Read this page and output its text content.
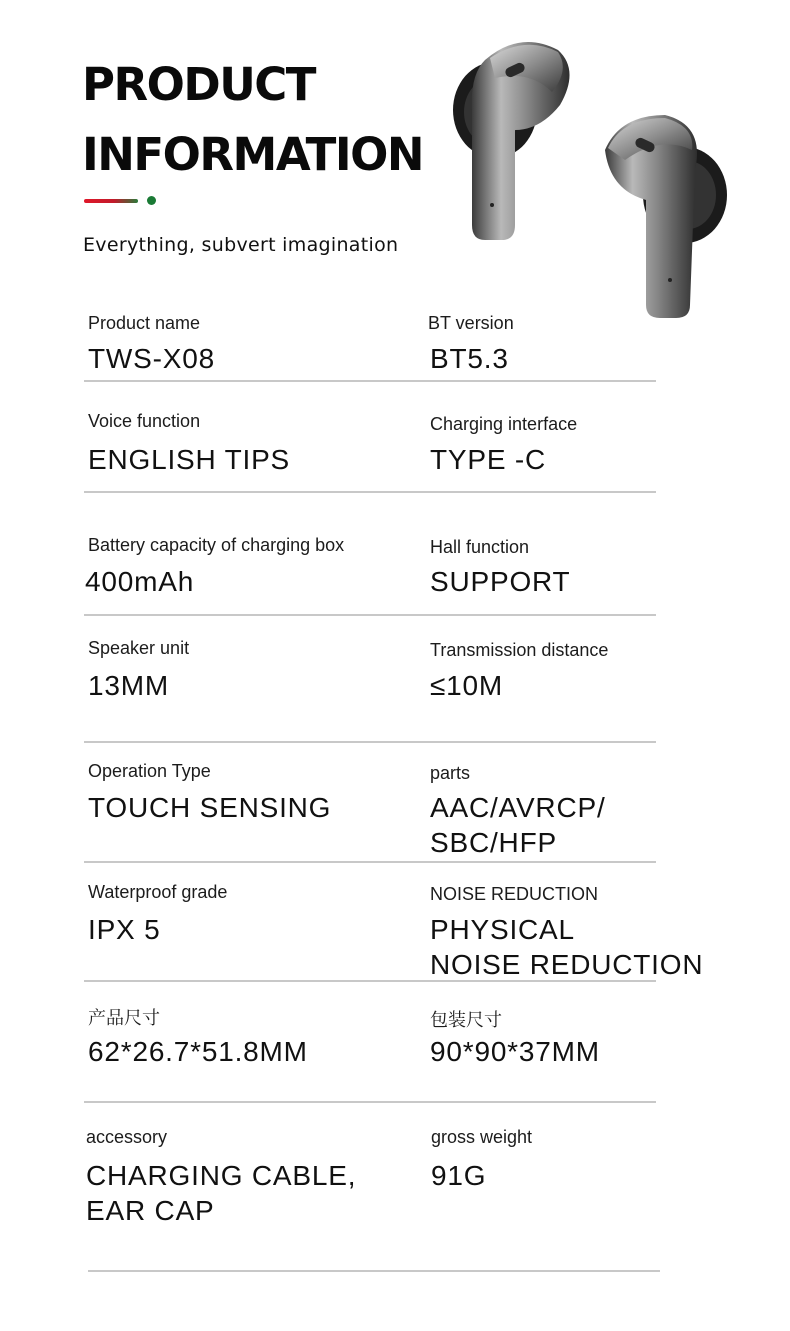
PRODUCT
INFORMATION

Everything, subvert imagination

Product name

TWS-X08

BT version

BT5.3

Voice function

ENGLISH TIPS

Charging interface

TYPE -C

Battery capacity of charging box

400mAh

Hall function

SUPPORT

Speaker unit

13MM

Transmission distance

≤10M

Operation Type

TOUCH SENSING

parts

AAC/AVRCP/

SBC/HFP

Waterproof grade

IPX 5

NOISE REDUCTION

PHYSICAL

NOISE REDUCTION

产品尺寸

62*26.7*51.8MM

包装尺寸

90*90*37MM

accessory

CHARGING CABLE,

EAR CAP

gross weight

91G
